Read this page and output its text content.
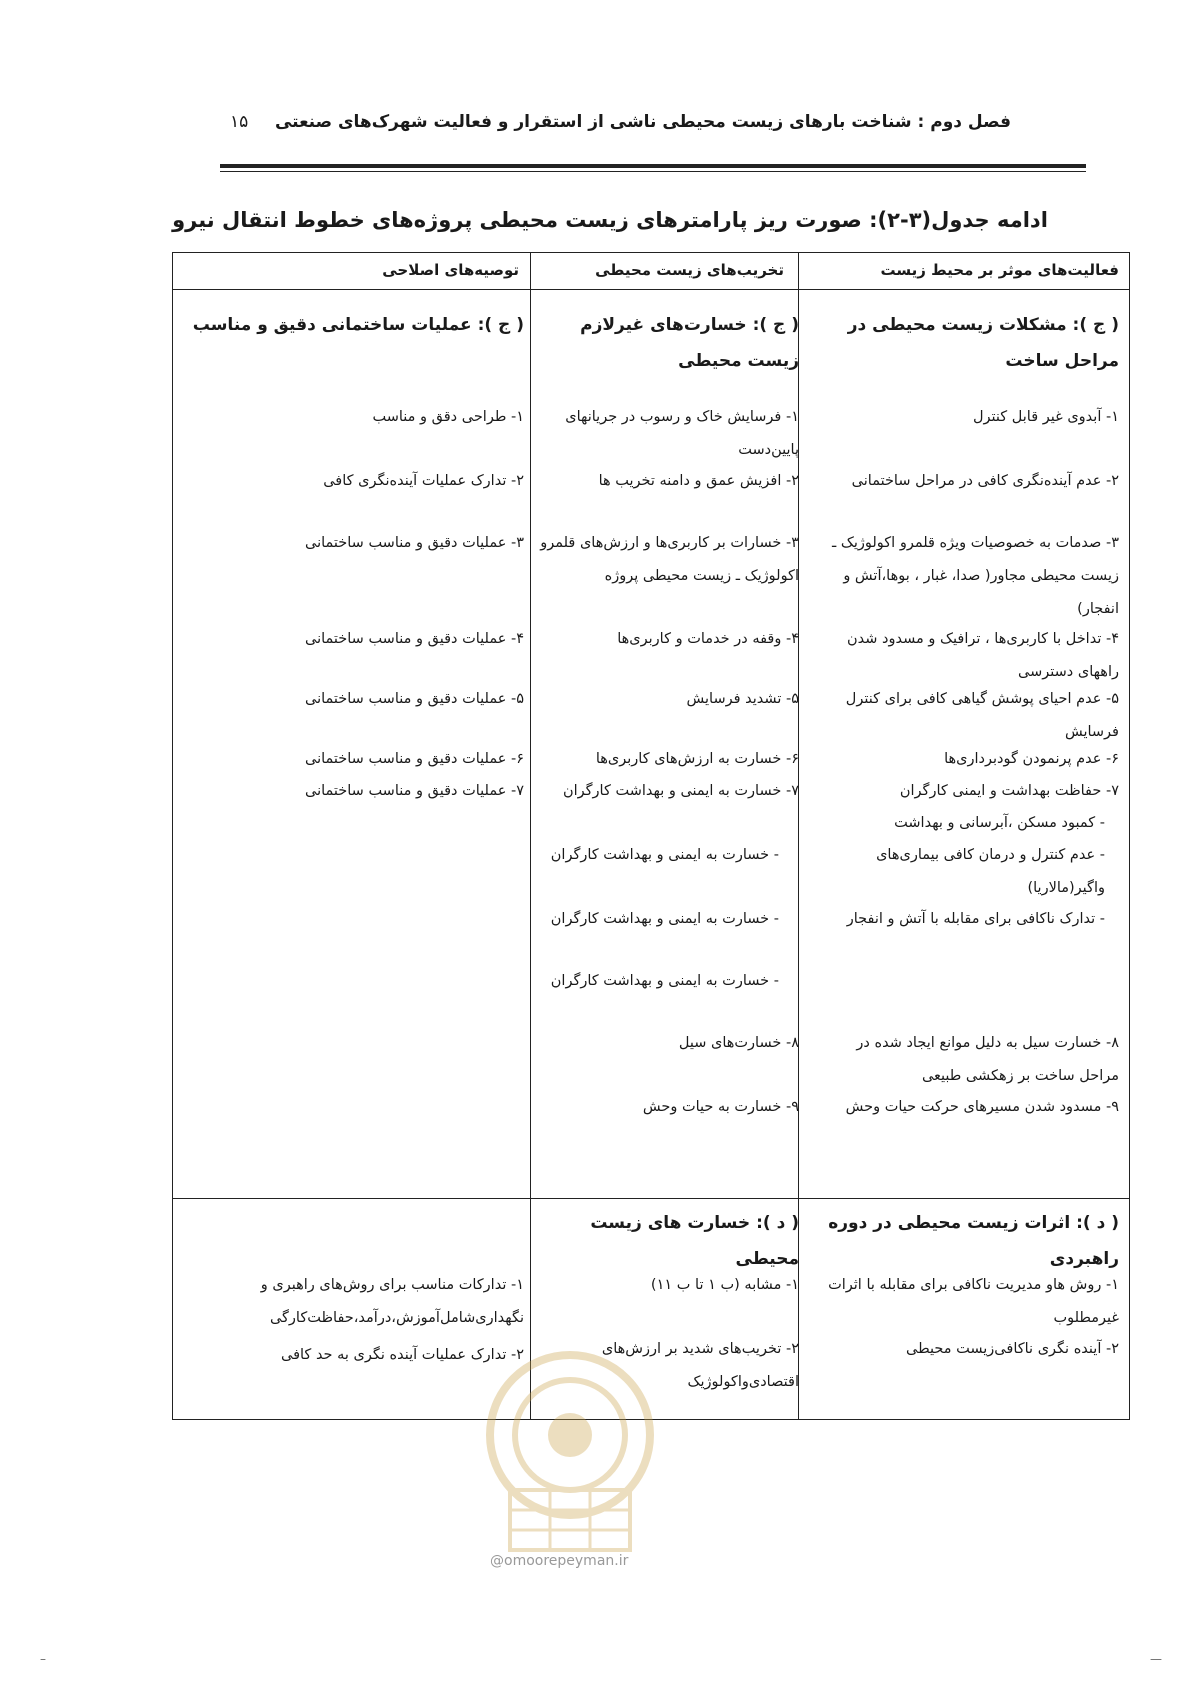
فصل دوم : شناخت بارهای زیست محیطی ناشی از استقرار و فعالیت شهرک‌های صنعتی
۱۵
ادامه جدول(۳-۲): صورت ریز پارامترهای زیست محیطی پروژه‌های خطوط انتقال نیرو
فعالیت‌های موثر بر محیط زیست
تخریب‌های زیست محیطی
توصیه‌های اصلاحی
( ج ): مشکلات زیست محیطی در مراحل ساخت
( ج ): خسارت‌های غیرلازم زیست محیطی
( ج ): عملیات ساختمانی دقیق و مناسب
۱- آبدوی غیر قابل کنترل
۲- عدم آینده‌نگری کافی در مراحل ساختمانی
۳- صدمات به خصوصیات ویژه قلمرو اکولوژیک ـ زیست محیطی مجاور( صدا، غبار ، بوها،آتش و انفجار)
۴- تداخل با کاربری‌ها ، ترافیک و مسدود شدن راههای دسترسی
۵- عدم احیای پوشش گیاهی کافی برای کنترل فرسایش
۶- عدم پرنمودن گودبرداری‌ها
۷- حفاظت بهداشت و ایمنی کارگران
- کمبود مسکن ،آبرسانی و بهداشت
- عدم کنترل و درمان کافی بیماری‌های واگیر(مالاریا)
- تدارک ناکافی برای مقابله با آتش و انفجار
۸- خسارت سیل به دلیل موانع ایجاد شده در مراحل ساخت بر زهکشی طبیعی
۹- مسدود شدن مسیرهای حرکت حیات وحش
۱- فرسایش خاک و رسوب در جریانهای پایین‌دست
۲- افزیش عمق و دامنه تخریب ها
۳- خسارات بر کاربری‌ها و ارزش‌های قلمرو اکولوژیک ـ زیست محیطی پروژه
۴- وقفه در خدمات و کاربری‌ها
۵- تشدید فرسایش
۶- خسارت به ارزش‌های کاربری‌ها
۷- خسارت به ایمنی و بهداشت کارگران
- خسارت به ایمنی و بهداشت کارگران
- خسارت به ایمنی و بهداشت کارگران
- خسارت به ایمنی و بهداشت کارگران
۸- خسارت‌های سیل
۹- خسارت به حیات وحش
۱- طراحی دقق و مناسب
۲- تدارک عملیات آینده‌نگری کافی
۳- عملیات دقیق و مناسب ساختمانی
۴- عملیات دقیق و مناسب ساختمانی
۵- عملیات دقیق و مناسب ساختمانی
۶- عملیات دقیق و مناسب ساختمانی
۷- عملیات دقیق و مناسب ساختمانی
( د ): اثرات زیست محیطی در دوره راهبردی
( د ): خسارت های زیست محیطی
۱- روش هاو مدیریت ناکافی برای مقابله با اثرات غیرمطلوب
۲- آینده نگری ناکافی‌زیست محیطی
۱- مشابه (ب ۱ تا ب ۱۱)
۲- تخریب‌های شدید بر ارزش‌های اقتصادی‌واکولوژیک
۱- تدارکات مناسب برای روش‌های راهبری و نگهداری‌شامل‌آموزش،درآمد،حفاظت‌کارگی
۲- تدارک عملیات آینده نگری به حد کافی
@omoorepeyman.ir
–	—
